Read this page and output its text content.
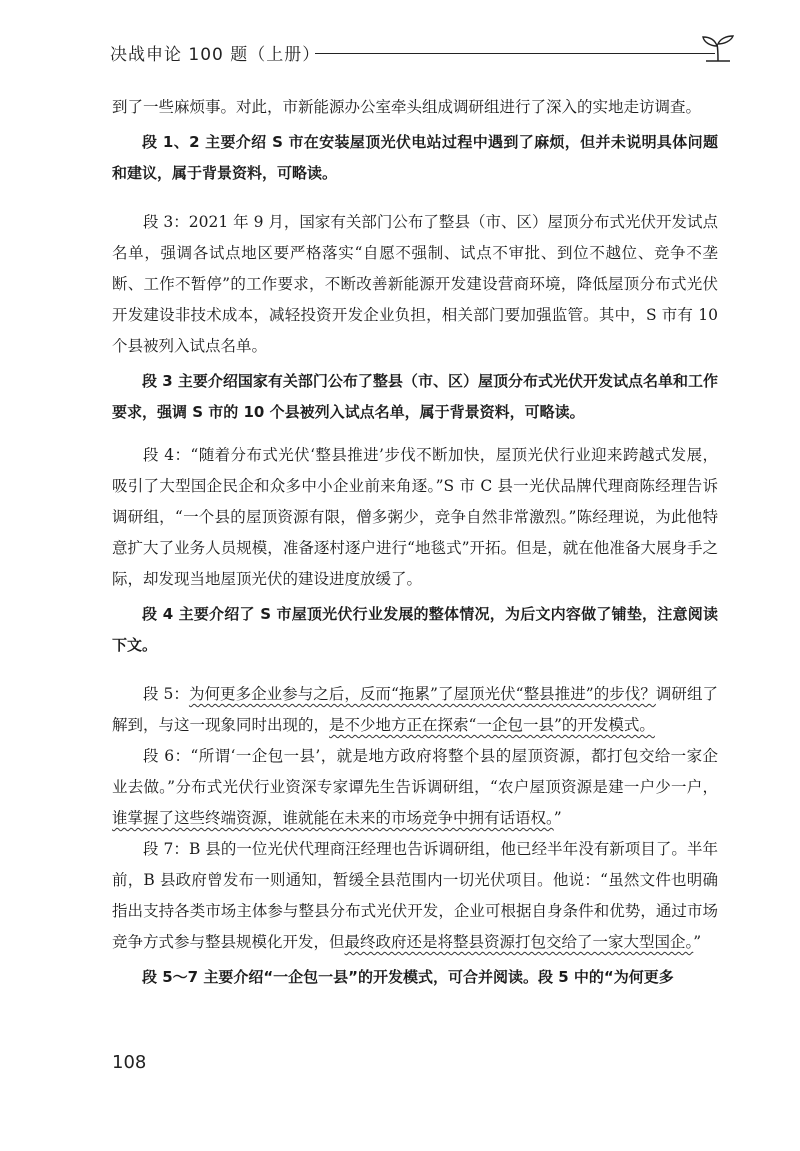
决战申论 100 题（上册）

到了一些麻烦事。对此，市新能源办公室牵头组成调研组进行了深入的实地走访调查。

段 1、2 主要介绍 S 市在安装屋顶光伏电站过程中遇到了麻烦，但并未说明具体问题和建议，属于背景资料，可略读。

段 3：2021 年 9 月，国家有关部门公布了整县（市、区）屋顶分布式光伏开发试点名单，强调各试点地区要严格落实“自愿不强制、试点不审批、到位不越位、竞争不垄断、工作不暂停”的工作要求，不断改善新能源开发建设营商环境，降低屋顶分布式光伏开发建设非技术成本，减轻投资开发企业负担，相关部门要加强监管。其中，S 市有 10 个县被列入试点名单。

段 3 主要介绍国家有关部门公布了整县（市、区）屋顶分布式光伏开发试点名单和工作要求，强调 S 市的 10 个县被列入试点名单，属于背景资料，可略读。

段 4：“随着分布式光伏‘整县推进’步伐不断加快，屋顶光伏行业迎来跨越式发展，吸引了大型国企民企和众多中小企业前来角逐。”S 市 C 县一光伏品牌代理商陈经理告诉调研组，“一个县的屋顶资源有限，僧多粥少，竞争自然非常激烈。”陈经理说，为此他特意扩大了业务人员规模，准备逐村逐户进行“地毯式”开拓。但是，就在他准备大展身手之际，却发现当地屋顶光伏的建设进度放缓了。

段 4 主要介绍了 S 市屋顶光伏行业发展的整体情况，为后文内容做了铺垫，注意阅读下文。

段 5：为何更多企业参与之后，反而“拖累”了屋顶光伏“整县推进”的步伐？调研组了解到，与这一现象同时出现的，是不少地方正在探索“一企包一县”的开发模式。

段 6：“所谓‘一企包一县’，就是地方政府将整个县的屋顶资源，都打包交给一家企业去做。”分布式光伏行业资深专家谭先生告诉调研组，“农户屋顶资源是建一户少一户，谁掌握了这些终端资源，谁就能在未来的市场竞争中拥有话语权。”

段 7：B 县的一位光伏代理商汪经理也告诉调研组，他已经半年没有新项目了。半年前，B 县政府曾发布一则通知，暂缓全县范围内一切光伏项目。他说：“虽然文件也明确指出支持各类市场主体参与整县分布式光伏开发，企业可根据自身条件和优势，通过市场竞争方式参与整县规模化开发，但最终政府还是将整县资源打包交给了一家大型国企。”

段 5～7 主要介绍“一企包一县”的开发模式，可合并阅读。段 5 中的“为何更多

108
